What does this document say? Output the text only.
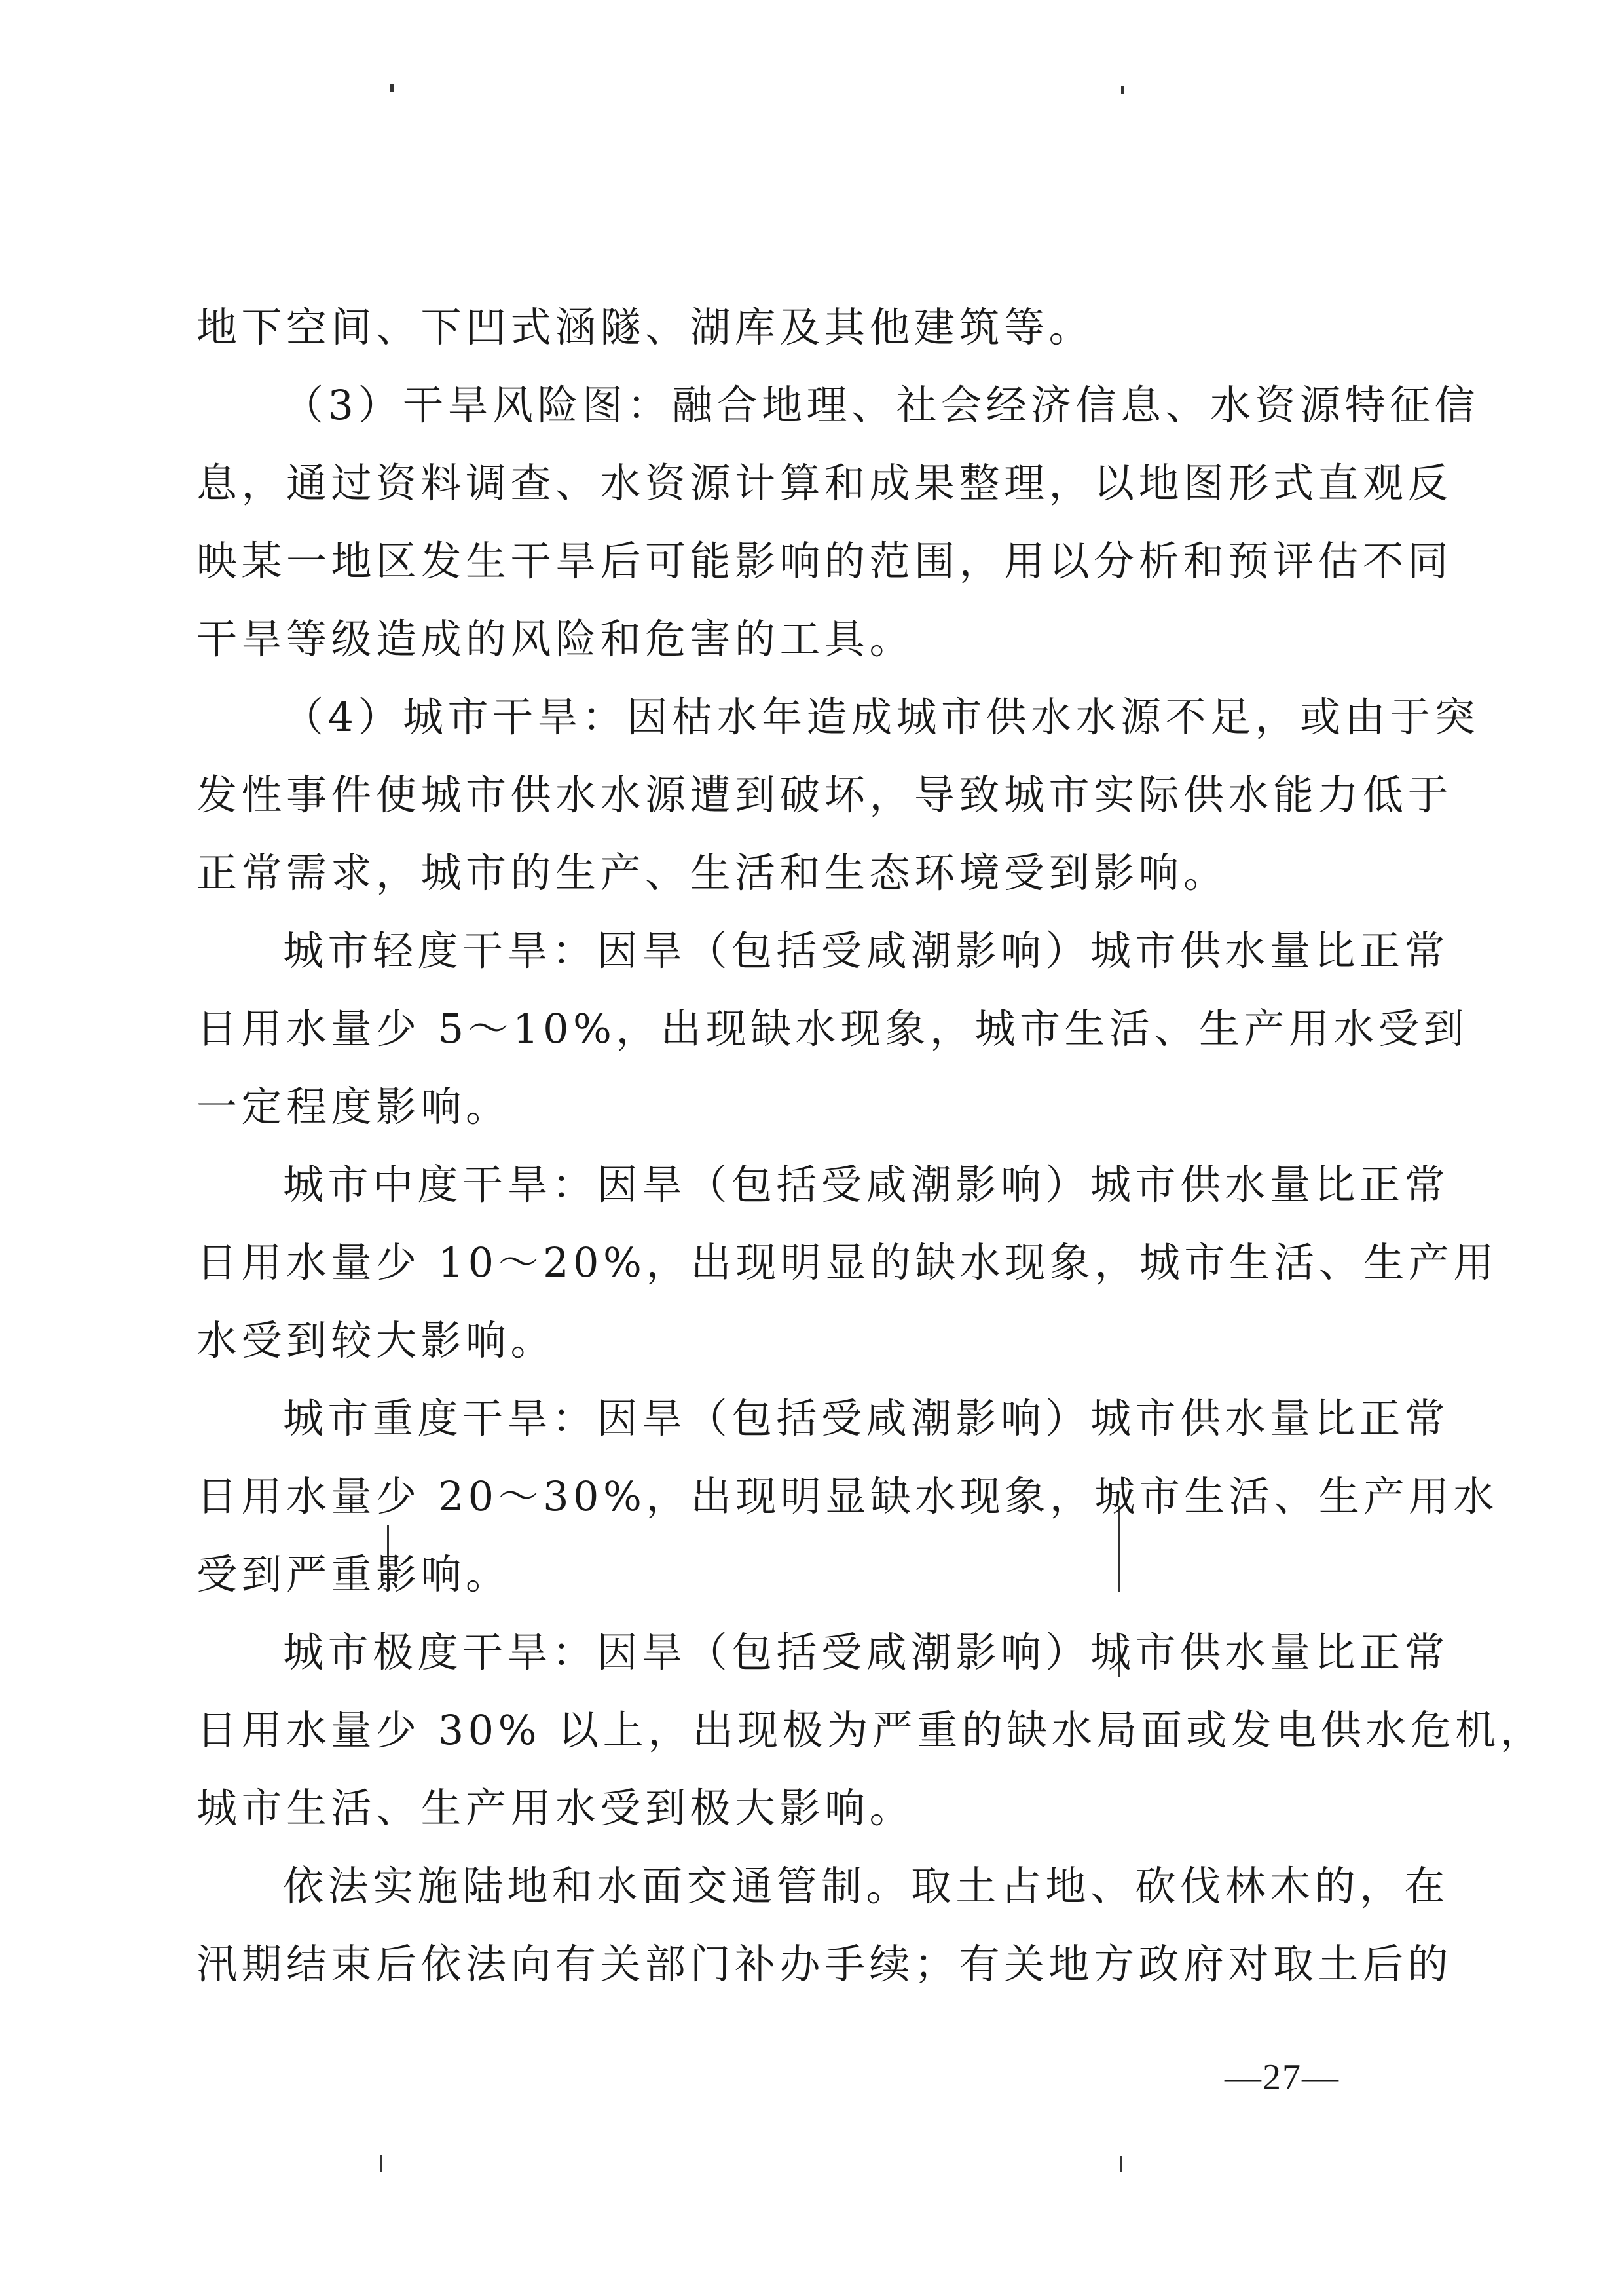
地下空间、下凹式涵隧、湖库及其他建筑等。
（3）干旱风险图：融合地理、社会经济信息、水资源特征信
息，通过资料调查、水资源计算和成果整理，以地图形式直观反
映某一地区发生干旱后可能影响的范围，用以分析和预评估不同
干旱等级造成的风险和危害的工具。
（4）城市干旱：因枯水年造成城市供水水源不足，或由于突
发性事件使城市供水水源遭到破坏，导致城市实际供水能力低于
正常需求，城市的生产、生活和生态环境受到影响。
城市轻度干旱：因旱（包括受咸潮影响）城市供水量比正常
日用水量少 5～10%，出现缺水现象，城市生活、生产用水受到
一定程度影响。
城市中度干旱：因旱（包括受咸潮影响）城市供水量比正常
日用水量少 10～20%，出现明显的缺水现象，城市生活、生产用
水受到较大影响。
城市重度干旱：因旱（包括受咸潮影响）城市供水量比正常
日用水量少 20～30%，出现明显缺水现象，城市生活、生产用水
受到严重影响。
城市极度干旱：因旱（包括受咸潮影响）城市供水量比正常
日用水量少 30% 以上，出现极为严重的缺水局面或发电供水危机，
城市生活、生产用水受到极大影响。
依法实施陆地和水面交通管制。取土占地、砍伐林木的，在
汛期结束后依法向有关部门补办手续；有关地方政府对取土后的
—27—
